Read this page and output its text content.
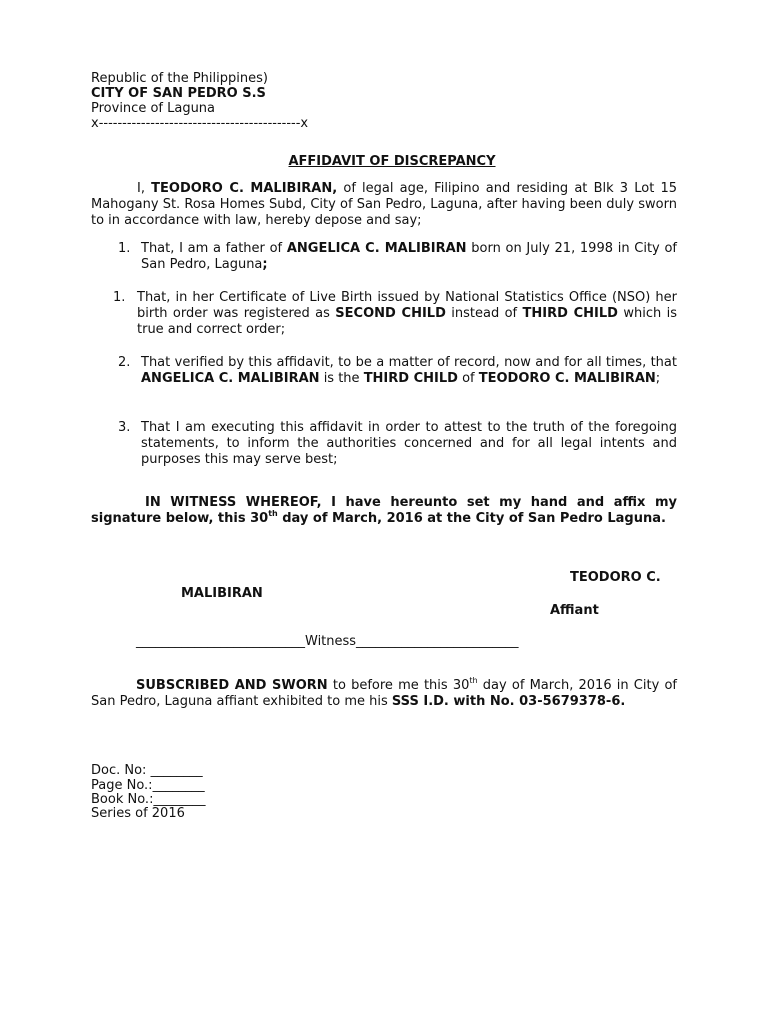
Republic of the Philippines)

CITY OF SAN PEDRO S.S

Province of Laguna

x-------------------------------------------x

AFFIDAVIT OF DISCREPANCY

I, TEODORO C. MALIBIRAN, of legal age, Filipino and residing at Blk 3 Lot 15 Mahogany St. Rosa Homes Subd, City of San Pedro, Laguna, after having been duly sworn to in accordance with law, hereby depose and say;

1. That, I am a father of ANGELICA C. MALIBIRAN born on July 21, 1998 in City of San Pedro, Laguna;

1. That, in her Certificate of Live Birth issued by National Statistics Office (NSO) her birth order was registered as SECOND CHILD instead of THIRD CHILD which is true and correct order;

2. That verified by this affidavit, to be a matter of record, now and for all times, that ANGELICA C. MALIBIRAN is the THIRD CHILD of TEODORO C. MALIBIRAN;

3. That I am executing this affidavit in order to attest to the truth of the foregoing statements, to inform the authorities concerned and for all legal intents and purposes this may serve best;

IN WITNESS WHEREOF, I have hereunto set my hand and affix my signature below, this 30th day of March, 2016 at the City of San Pedro Laguna.

TEODORO C.

MALIBIRAN

Affiant

__________________________Witness_________________________

SUBSCRIBED AND SWORN to before me this 30th day of March, 2016 in City of San Pedro, Laguna affiant exhibited to me his SSS I.D. with No. 03-5679378-6.

Doc. No: ________

Page No.:________

Book No.:________

Series of 2016
